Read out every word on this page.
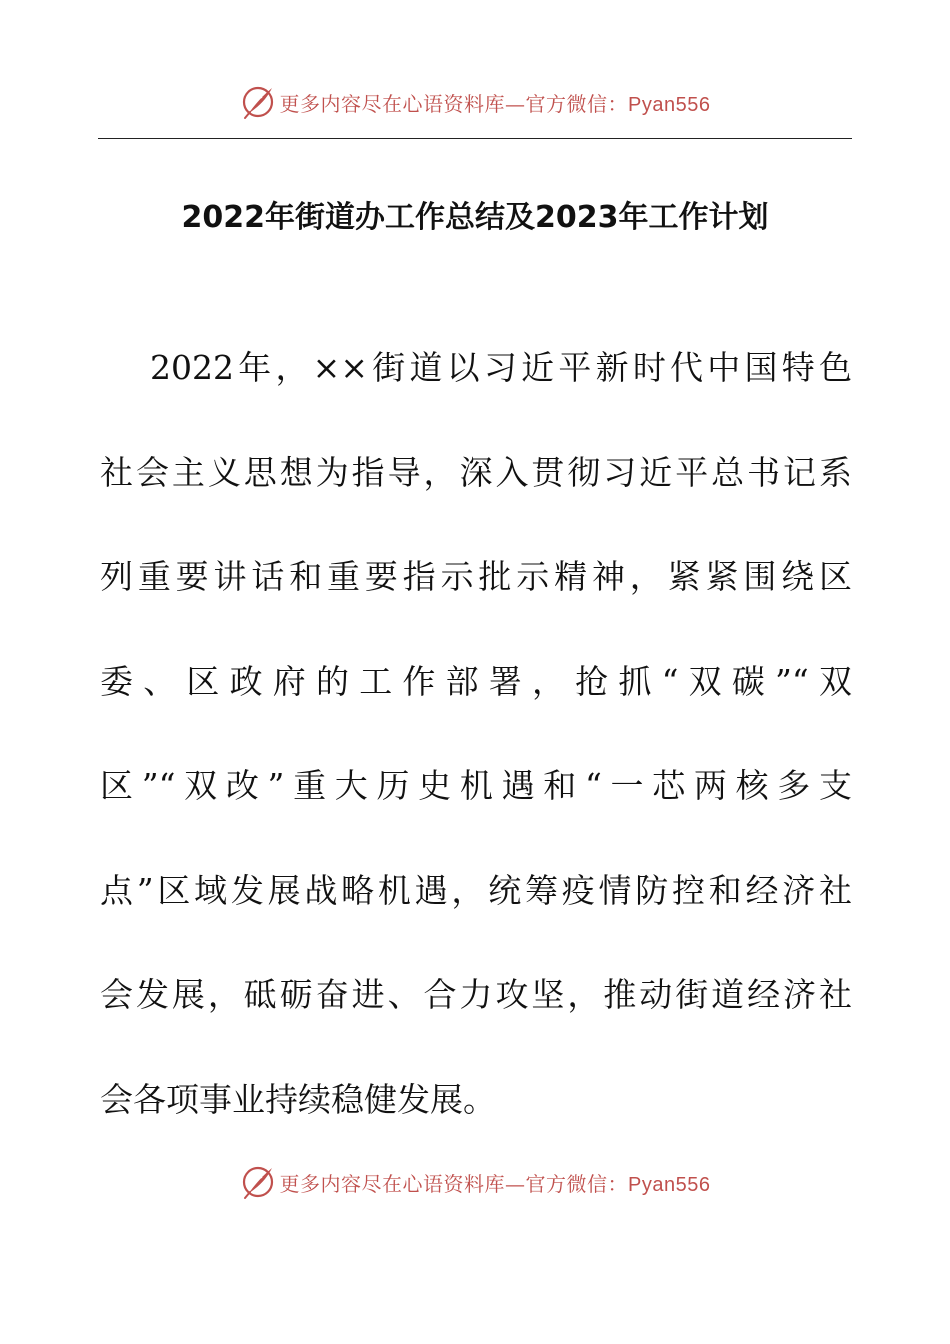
更多内容尽在心语资料库—官方微信：Pyan556
2022年街道办工作总结及2023年工作计划
2022年，××街道以习近平新时代中国特色
社会主义思想为指导，深入贯彻习近平总书记系
列重要讲话和重要指示批示精神，紧紧围绕区
委、区政府的工作部署，抢抓“双碳”“双
区”“双改”重大历史机遇和“一芯两核多支
点”区域发展战略机遇，统筹疫情防控和经济社
会发展，砥砺奋进、合力攻坚，推动街道经济社
会各项事业持续稳健发展。
更多内容尽在心语资料库—官方微信：Pyan556
